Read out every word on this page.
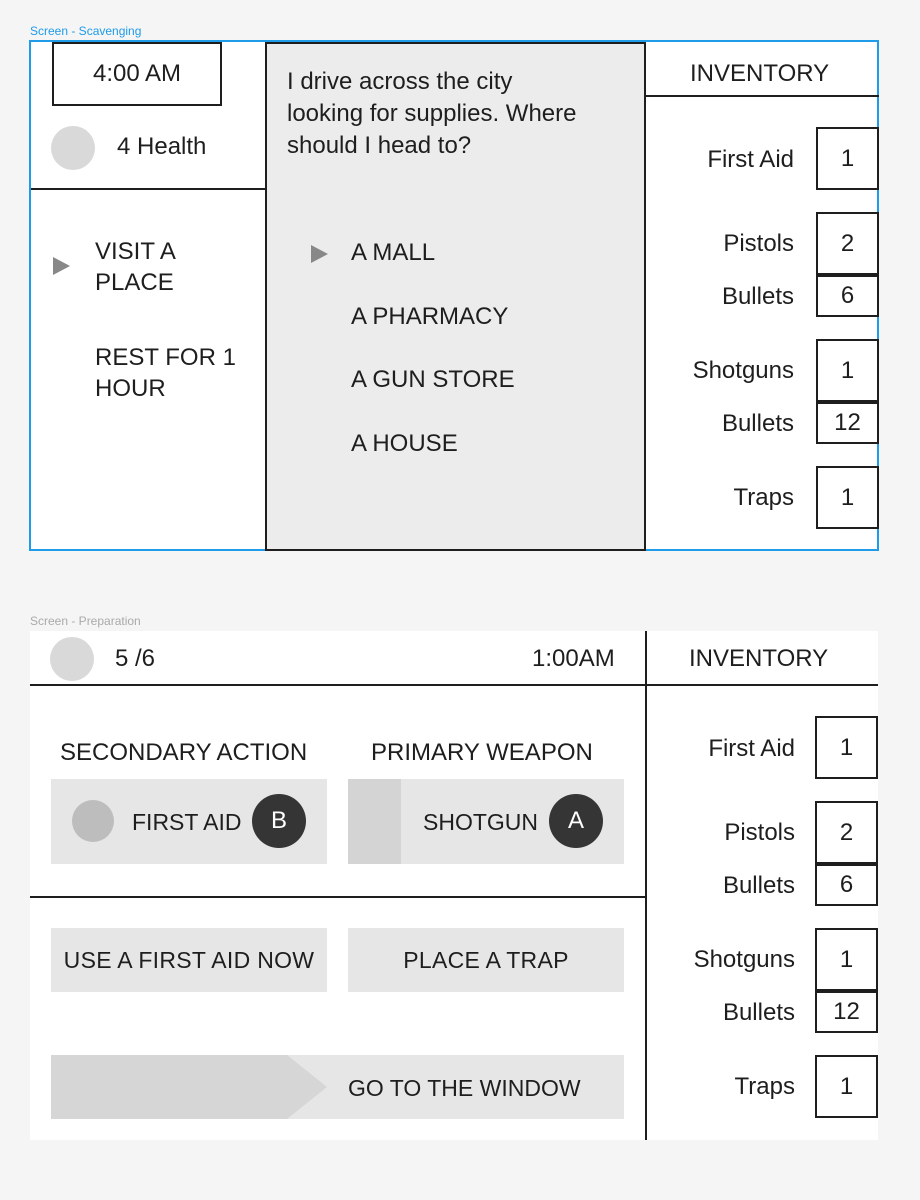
Screen - Scavenging
4:00 AM
4 Health
VISIT A
PLACE
REST FOR 1
HOUR
I drive across the city
looking for supplies. Where
should I head to?
A MALL
A PHARMACY
A GUN STORE
A HOUSE
INVENTORY
First Aid	1
Pistols	2
Bullets	6
Shotguns	1
Bullets	12
Traps	1
Screen - Preparation
5 /6	1:00AM
SECONDARY ACTION	PRIMARY WEAPON
FIRST AID B	SHOTGUN A
USE A FIRST AID NOW	PLACE A TRAP
GO TO THE WINDOW
INVENTORY
First Aid	1
Pistols	2
Bullets	6
Shotguns	1
Bullets	12
Traps	1
